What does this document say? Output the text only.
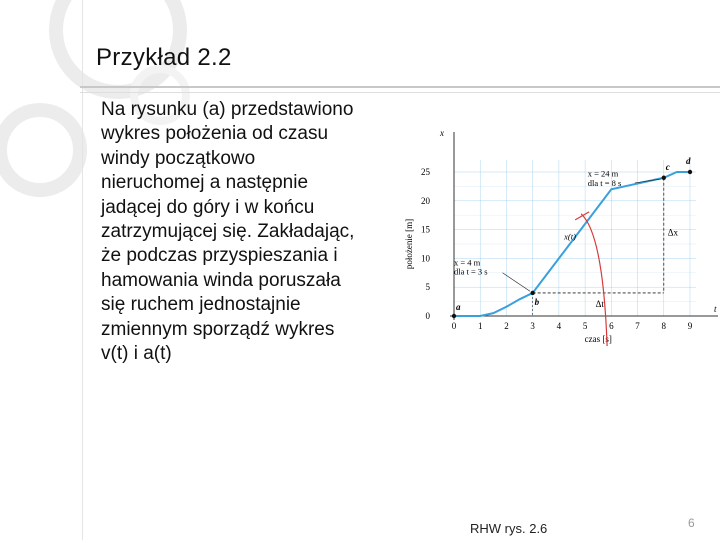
Przykład 2.2
Na rysunku (a) przedstawiono
wykres położenia od czasu
windy początkowo
nieruchomej a następnie
jadącej do góry i w końcu
zatrzymującej się. Zakładając,
że podczas przyspieszania i
hamowania winda poruszała
się ruchem jednostajnie
zmiennym sporządź wykres
v(t) i a(t)
x
t
0 1 2 3 4 5 6 7 8 9
0
5
10
15
20
25
czas [s]
położenie [m]
a
b
c
d
x = 24 m
dla t = 8 s
x = 4 m
dla t = 3 s
x(t)	Δx
Δt
RHW rys. 2.6	6
